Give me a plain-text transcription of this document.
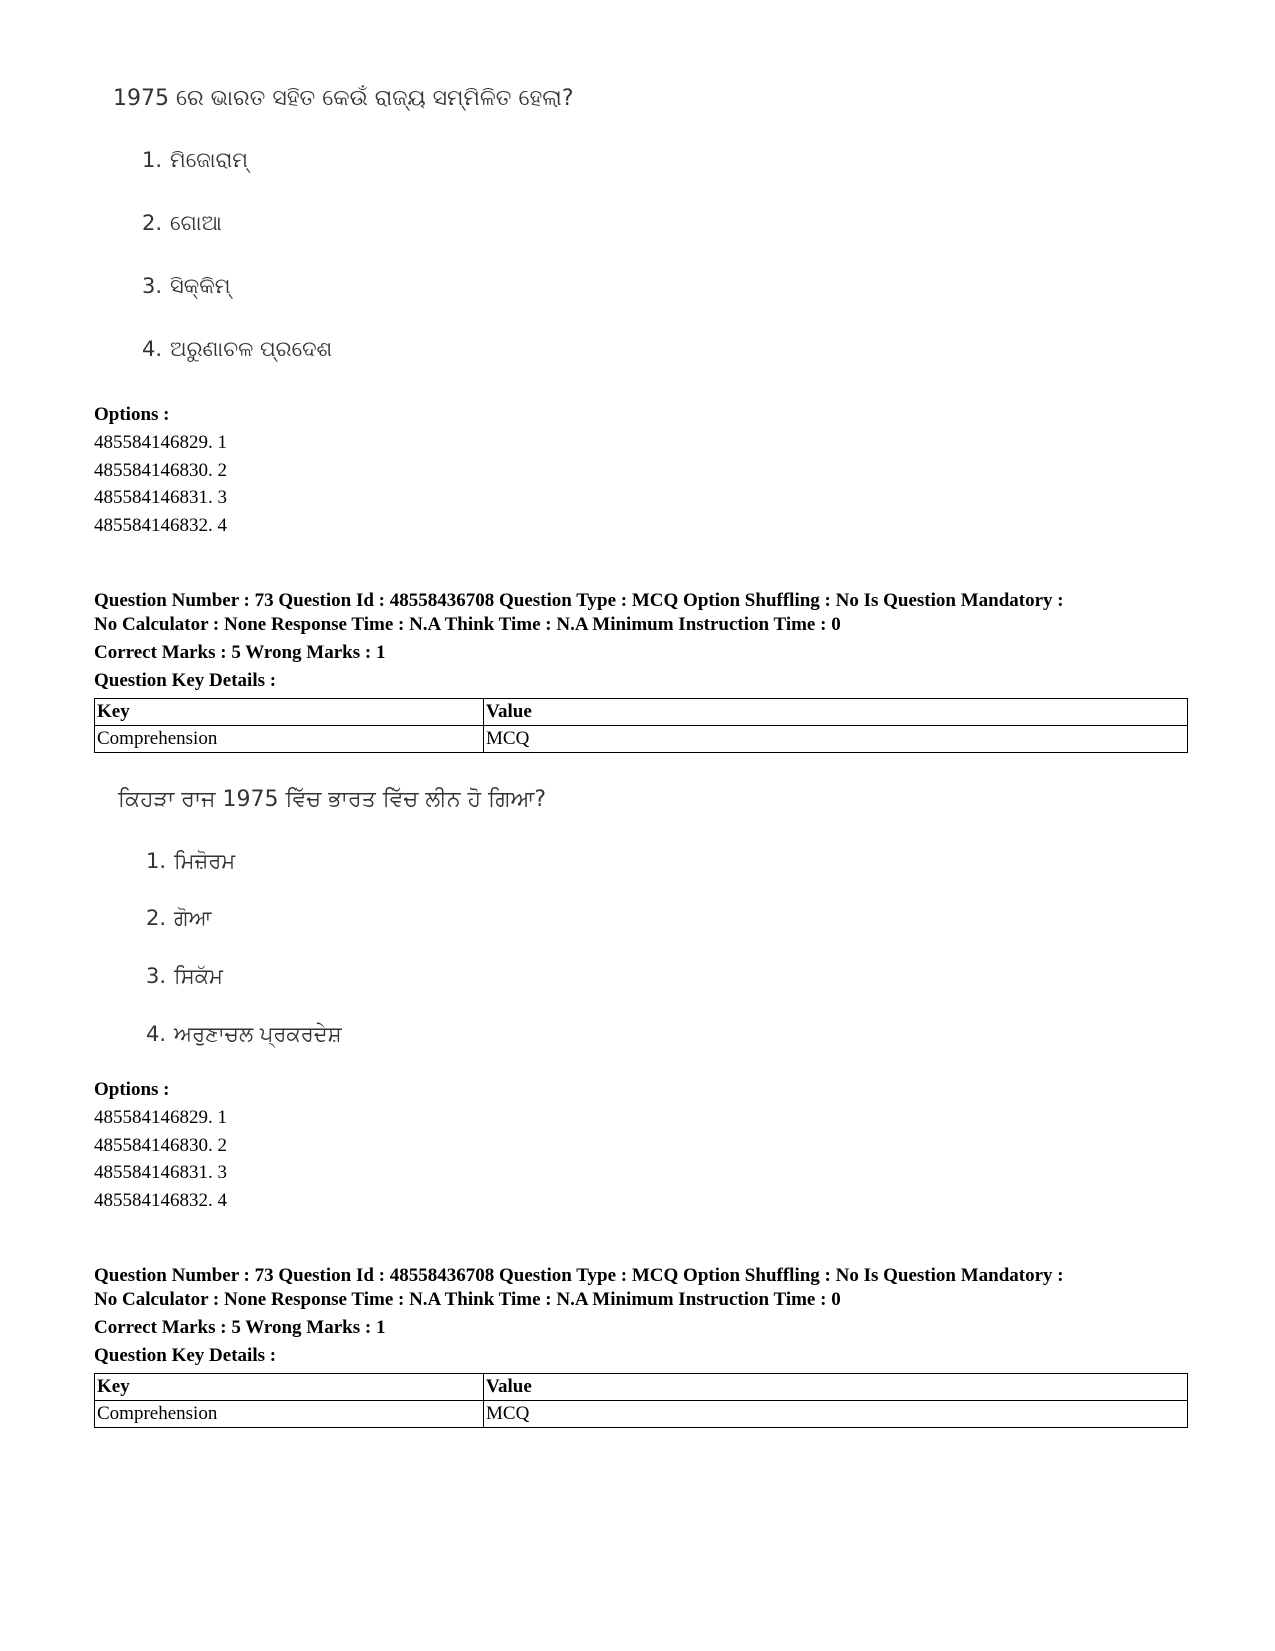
1975 ରେ ଭାରତ ସହିତ କେଉଁ ରାଜ୍ୟ ସମ୍ମିଳିତ ହେଲା?
1. ମିଜୋରାମ୍
2. ଗୋଆ
3. ସିକ୍କିମ୍
4. ଅରୁଣାଚଳ ପ୍ରଦେଶ
Options :
485584146829. 1
485584146830. 2
485584146831. 3
485584146832. 4
Question Number : 73 Question Id : 48558436708 Question Type : MCQ Option Shuffling : No Is Question Mandatory :
No Calculator : None Response Time : N.A Think Time : N.A Minimum Instruction Time : 0
Correct Marks : 5 Wrong Marks : 1
Question Key Details :
Key	Value
Comprehension	MCQ
ਕਿਹੜਾ ਰਾਜ 1975 ਵਿੱਚ ਭਾਰਤ ਵਿੱਚ ਲੀਨ ਹੋ ਗਿਆ?
1. ਮਿਜ਼ੋਰਮ
2. ਗੋਆ
3. ਸਿਕੱਮ
4. ਅਰੁਣਾਚਲ ਪ੍ਰਕਰਦੇਸ਼
Options :
485584146829. 1
485584146830. 2
485584146831. 3
485584146832. 4
Question Number : 73 Question Id : 48558436708 Question Type : MCQ Option Shuffling : No Is Question Mandatory :
No Calculator : None Response Time : N.A Think Time : N.A Minimum Instruction Time : 0
Correct Marks : 5 Wrong Marks : 1
Question Key Details :
Key	Value
Comprehension	MCQ
